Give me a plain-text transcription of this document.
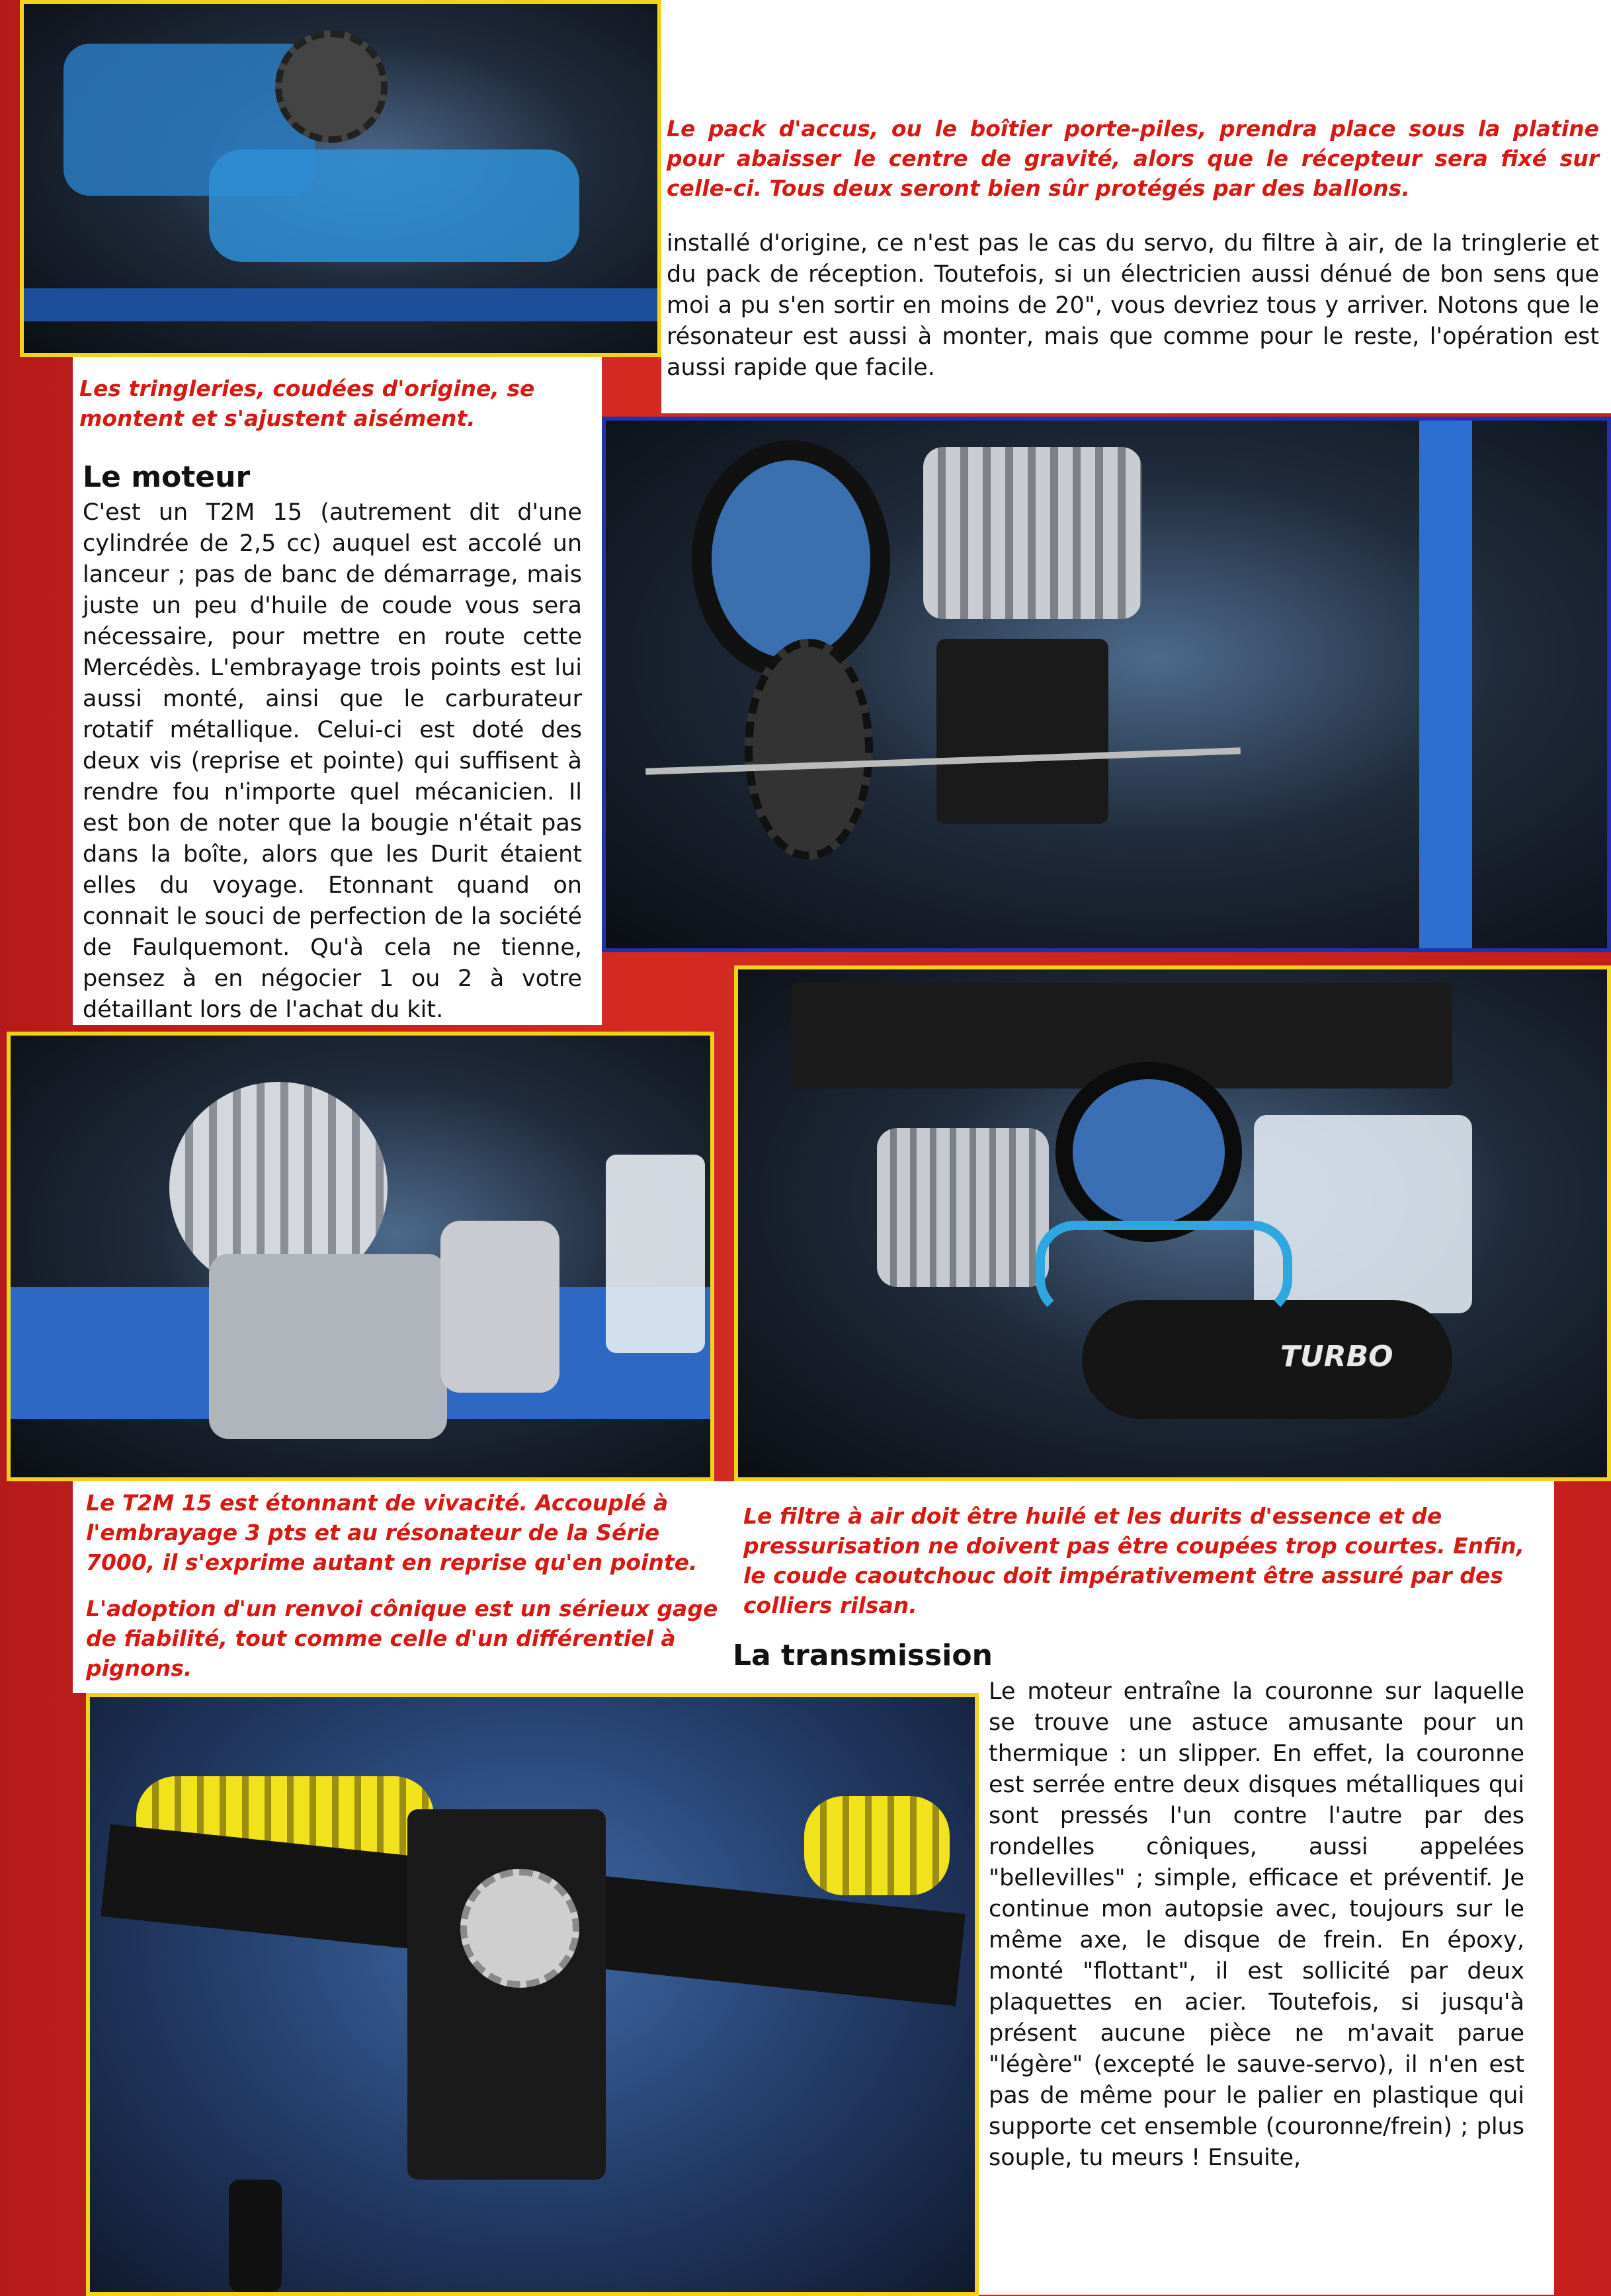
Le pack d'accus, ou le boîtier porte-piles, prendra place sous la platine pour abaisser le centre de gravité, alors que le récepteur sera fixé sur celle-ci. Tous deux seront bien sûr protégés par des ballons.

installé d'origine, ce n'est pas le cas du servo, du filtre à air, de la tringlerie et du pack de réception. Toutefois, si un électricien aussi dénué de bon sens que moi a pu s'en sortir en moins de 20", vous devriez tous y arriver. Notons que le résonateur est aussi à monter, mais que comme pour le reste, l'opération est aussi rapide que facile.

Les tringleries, coudées d'origine, se montent et s'ajustent aisément.

Le moteur

C'est un T2M 15 (autrement dit d'une cylindrée de 2,5 cc) auquel est accolé un lanceur ; pas de banc de démarrage, mais juste un peu d'huile de coude vous sera nécessaire, pour mettre en route cette Mercédès. L'embrayage trois points est lui aussi monté, ainsi que le carburateur rotatif métallique. Celui-ci est doté des deux vis (reprise et pointe) qui suffisent à rendre fou n'importe quel mécanicien. Il est bon de noter que la bougie n'était pas dans la boîte, alors que les Durit étaient elles du voyage. Etonnant quand on connait le souci de perfection de la société de Faulquemont. Qu'à cela ne tienne, pensez à en négocier 1 ou 2 à votre détaillant lors de l'achat du kit.

TURBO

Le T2M 15 est étonnant de vivacité. Accouplé à l'embrayage 3 pts et au résonateur de la Série 7000, il s'exprime autant en reprise qu'en pointe.

L'adoption d'un renvoi cônique est un sérieux gage de fiabilité, tout comme celle d'un différentiel à pignons.

Le filtre à air doit être huilé et les durits d'essence et de pressurisation ne doivent pas être coupées trop courtes. Enfin, le coude caoutchouc doit impérativement être assuré par des colliers rilsan.

La transmission

Le moteur entraîne la couronne sur laquelle se trouve une astuce amusante pour un thermique : un slipper. En effet, la couronne est serrée entre deux disques métalliques qui sont pressés l'un contre l'autre par des rondelles côniques, aussi appelées "bellevilles" ; simple, efficace et préventif. Je continue mon autopsie avec, toujours sur le même axe, le disque de frein. En époxy, monté "flottant", il est sollicité par deux plaquettes en acier. Toutefois, si jusqu'à présent aucune pièce ne m'avait parue "légère" (excepté le sauve-servo), il n'en est pas de même pour le palier en plastique qui supporte cet ensemble (couronne/frein) ; plus souple, tu meurs ! Ensuite,
